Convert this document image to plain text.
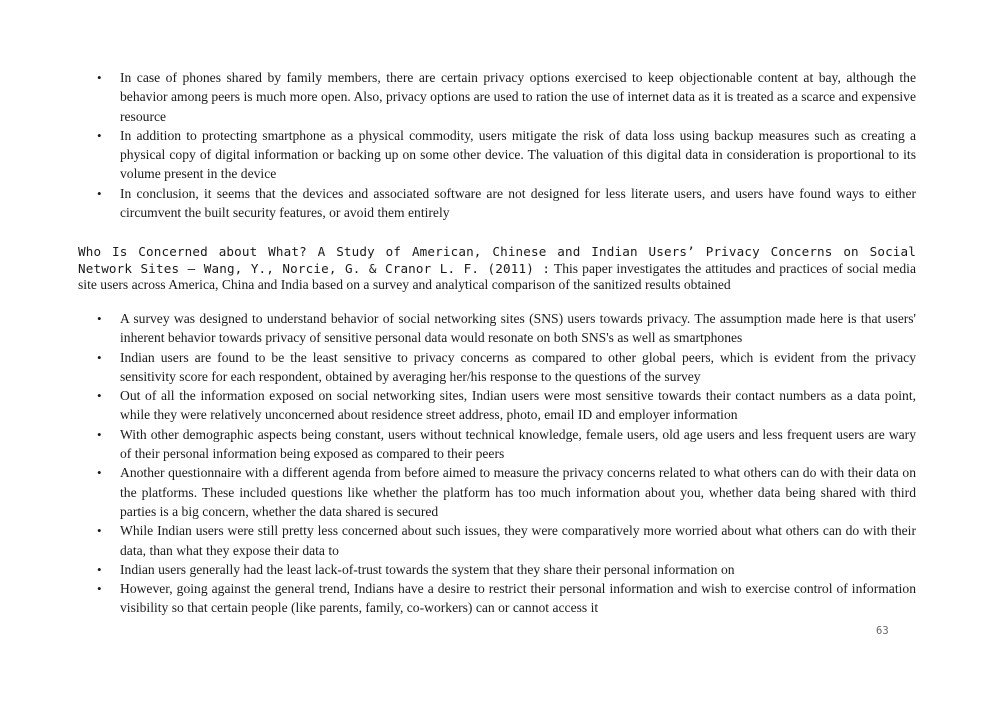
• In case of phones shared by family members, there are certain privacy options exercised to keep objectionable content at bay, although the behavior among peers is much more open. Also, privacy options are used to ration the use of internet data as it is treated as a scarce and expensive resource
• In addition to protecting smartphone as a physical commodity, users mitigate the risk of data loss using backup measures such as creating a physical copy of digital information or backing up on some other device. The valuation of this digital data in consideration is proportional to its volume present in the device
• In conclusion, it seems that the devices and associated software are not designed for less literate users, and users have found ways to either circumvent the built security features, or avoid them entirely
Who Is Concerned about What? A Study of American, Chinese and Indian Users’ Privacy Concerns on Social Network Sites – Wang, Y., Norcie, G. & Cranor L. F. (2011) : This paper investigates the attitudes and practices of social media site users across America, China and India based on a survey and analytical comparison of the sanitized results obtained
• A survey was designed to understand behavior of social networking sites (SNS) users towards privacy. The assumption made here is that users' inherent behavior towards privacy of sensitive personal data would resonate on both SNS's as well as smartphones
• Indian users are found to be the least sensitive to privacy concerns as compared to other global peers, which is evident from the privacy sensitivity score for each respondent, obtained by averaging her/his response to the questions of the survey
• Out of all the information exposed on social networking sites, Indian users were most sensitive towards their contact numbers as a data point, while they were relatively unconcerned about residence street address, photo, email ID and employer information
• With other demographic aspects being constant, users without technical knowledge, female users, old age users and less frequent users are wary of their personal information being exposed as compared to their peers
• Another questionnaire with a different agenda from before aimed to measure the privacy concerns related to what others can do with their data on the platforms. These included questions like whether the platform has too much information about you, whether data being shared with third parties is a big concern, whether the data shared is secured
• While Indian users were still pretty less concerned about such issues, they were comparatively more worried about what others can do with their data, than what they expose their data to
• Indian users generally had the least lack-of-trust towards the system that they share their personal information on
• However, going against the general trend, Indians have a desire to restrict their personal information and wish to exercise control of information visibility so that certain people (like parents, family, co-workers) can or cannot access it
63
